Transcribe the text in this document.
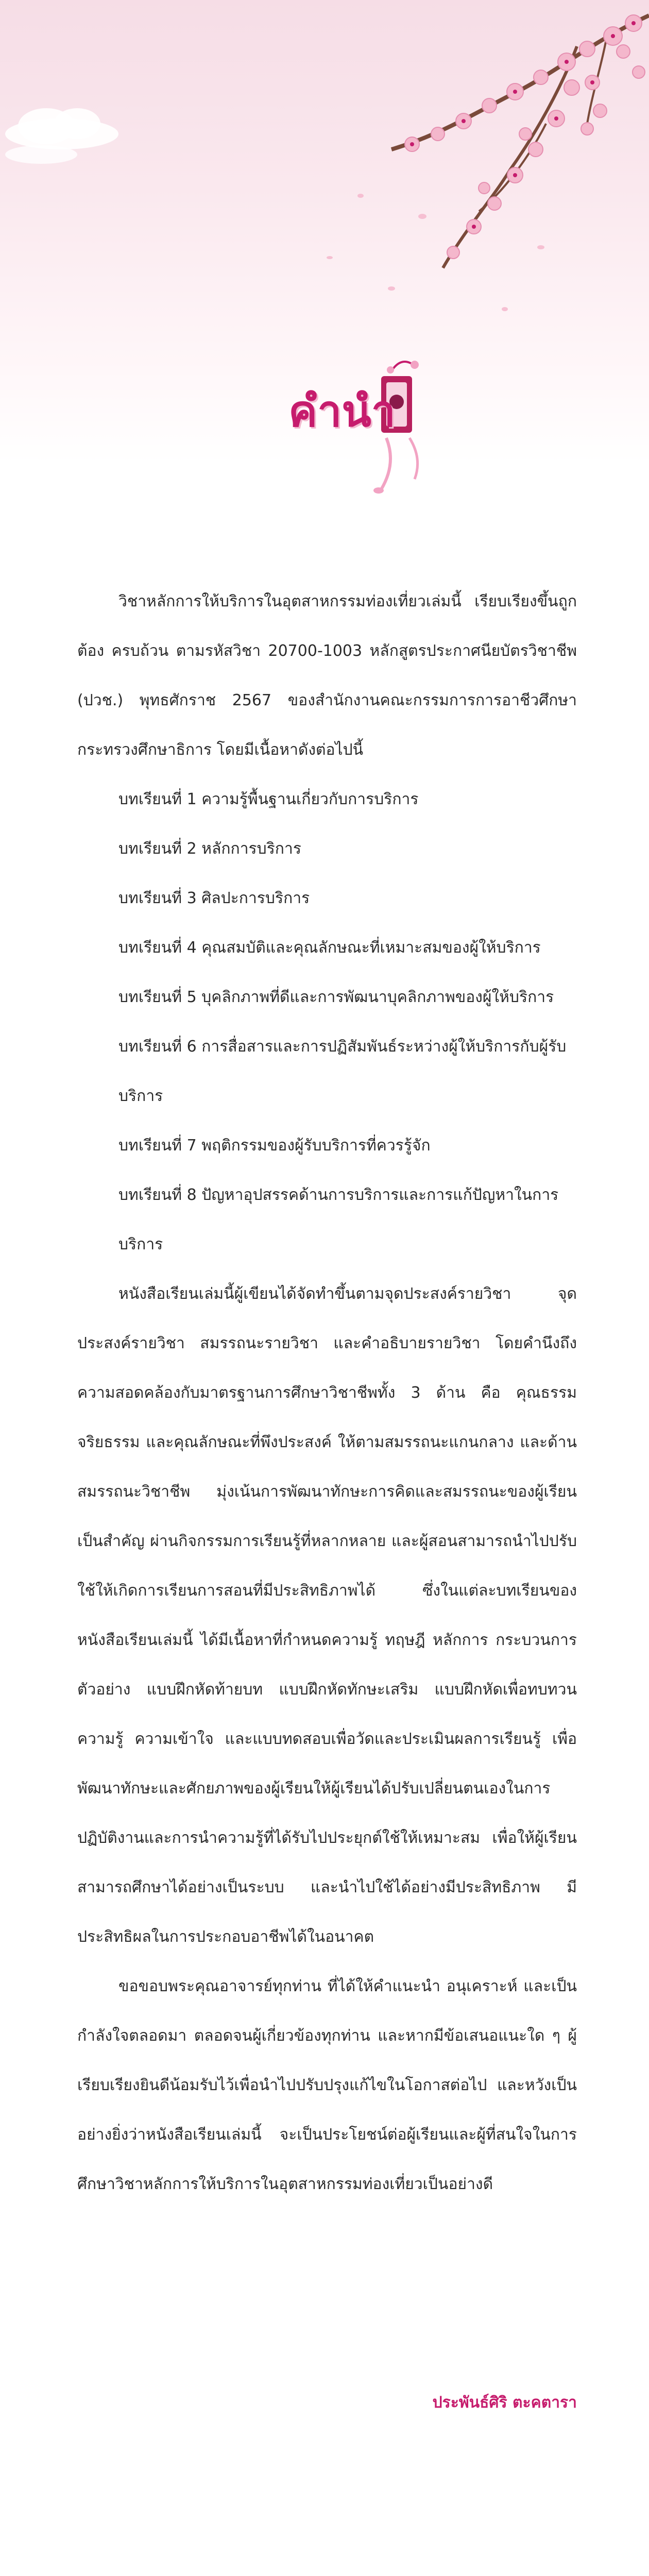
คำนำ

วิชาหลักการให้บริการในอุตสาหกรรมท่องเที่ยวเล่มนี้ เรียบเรียงขึ้นถูกต้อง ครบถ้วน ตามรหัสวิชา 20700-1003 หลักสูตรประกาศนียบัตรวิชาชีพ (ปวช.) พุทธศักราช 2567 ของสำนักงานคณะกรรมการการอาชีวศึกษา กระทรวงศึกษาธิการ โดยมีเนื้อหาดังต่อไปนี้

บทเรียนที่ 1 ความรู้พื้นฐานเกี่ยวกับการบริการ

บทเรียนที่ 2 หลักการบริการ

บทเรียนที่ 3 ศิลปะการบริการ

บทเรียนที่ 4 คุณสมบัติและคุณลักษณะที่เหมาะสมของผู้ให้บริการ

บทเรียนที่ 5 บุคลิกภาพที่ดีและการพัฒนาบุคลิกภาพของผู้ให้บริการ

บทเรียนที่ 6 การสื่อสารและการปฏิสัมพันธ์ระหว่างผู้ให้บริการกับผู้รับบริการ

บทเรียนที่ 7 พฤติกรรมของผู้รับบริการที่ควรรู้จัก

บทเรียนที่ 8 ปัญหาอุปสรรคด้านการบริการและการแก้ปัญหาในการบริการ

หนังสือเรียนเล่มนี้ผู้เขียนได้จัดทำขึ้นตามจุดประสงค์รายวิชา จุดประสงค์รายวิชา สมรรถนะรายวิชา และคำอธิบายรายวิชา โดยคำนึงถึงความสอดคล้องกับมาตรฐานการศึกษาวิชาชีพทั้ง 3 ด้าน คือ คุณธรรม จริยธรรม และคุณลักษณะที่พึงประสงค์ ให้ตามสมรรถนะแกนกลาง และด้านสมรรถนะวิชาชีพ มุ่งเน้นการพัฒนาทักษะการคิดและสมรรถนะของผู้เรียนเป็นสำคัญ ผ่านกิจกรรมการเรียนรู้ที่หลากหลาย และผู้สอนสามารถนำไปปรับใช้ให้เกิดการเรียนการสอนที่มีประสิทธิภาพได้ ซึ่งในแต่ละบทเรียนของหนังสือเรียนเล่มนี้ ได้มีเนื้อหาที่กำหนดความรู้ ทฤษฎี หลักการ กระบวนการ ตัวอย่าง แบบฝึกหัดท้ายบท แบบฝึกหัดทักษะเสริม แบบฝึกหัดเพื่อทบทวนความรู้ ความเข้าใจ และแบบทดสอบเพื่อวัดและประเมินผลการเรียนรู้ เพื่อพัฒนาทักษะและศักยภาพของผู้เรียนให้ผู้เรียนได้ปรับเปลี่ยนตนเองในการปฏิบัติงานและการนำความรู้ที่ได้รับไปประยุกต์ใช้ให้เหมาะสม เพื่อให้ผู้เรียนสามารถศึกษาได้อย่างเป็นระบบ และนำไปใช้ได้อย่างมีประสิทธิภาพ มีประสิทธิผลในการประกอบอาชีพได้ในอนาคต

ขอขอบพระคุณอาจารย์ทุกท่าน ที่ได้ให้คำแนะนำ อนุเคราะห์ และเป็นกำลังใจตลอดมา ตลอดจนผู้เกี่ยวข้องทุกท่าน และหากมีข้อเสนอแนะใด ๆ ผู้เรียบเรียงยินดีน้อมรับไว้เพื่อนำไปปรับปรุงแก้ไขในโอกาสต่อไป และหวังเป็นอย่างยิ่งว่าหนังสือเรียนเล่มนี้ จะเป็นประโยชน์ต่อผู้เรียนและผู้ที่สนใจในการศึกษาวิชาหลักการให้บริการในอุตสาหกรรมท่องเที่ยวเป็นอย่างดี

ประพันธ์ศิริ ตะคตารา
